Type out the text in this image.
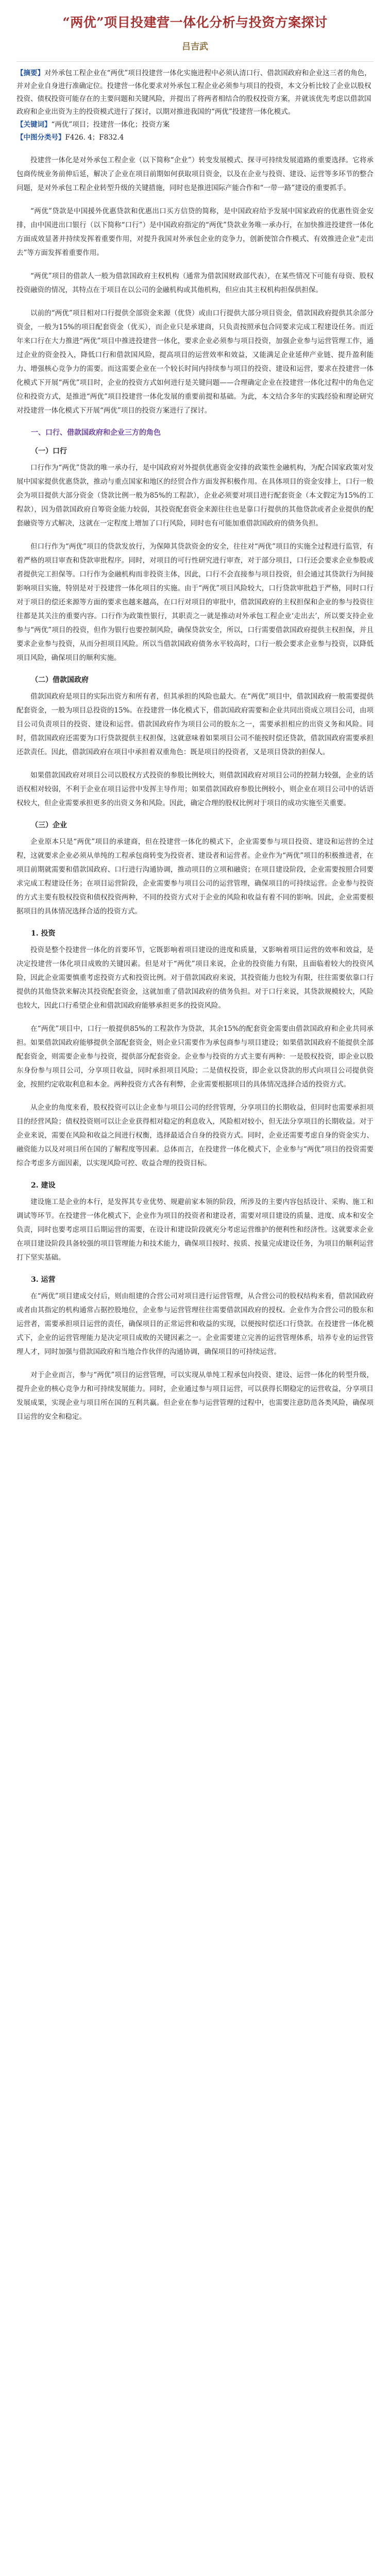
“两优”项目投建营一体化分析与投资方案探讨
吕吉武

【摘要】对外承包工程企业在“两优”项目投建营一体化实施进程中必须认清口行、借款国政府和企业这三者的角色，并对企业自身进行准确定位。投建营一体化要求对外承包工程企业必须参与项目的投资，本文分析比较了企业以股权投资、债权投资可能存在的主要问题和关键风险，并提出了将两者相结合的股权投资方案，并就该优先考虑以借款国政府和企业出资为主的投资模式进行了探讨，以期对推进我国的“两优”投建营一体化模式。

【关键词】“两优”项目；投建营一体化；投资方案

【中图分类号】F426. 4；F832.4

投建营一体化是对外承包工程企业（以下简称“企业”）转变发展模式、探寻可持续发展道路的重要选择。它将承包商传统业务前伸后延，解决了企业在项目前期如何获取项目资金，以及在企业与投资、建设、运营等多环节的整合问题，是对外承包工程企业转型升级的关键措施，同时也是推进国际产能合作和“一带一路”建设的重要抓手。

“两优”贷款是中国援外优惠贷款和优惠出口买方信贷的简称，是中国政府给予发展中国家政府的优惠性资金安排，由中国进出口银行（以下简称“口行”）是中国政府指定的“两优”贷款业务唯一承办行，在加快推进投建营一体化方面成效显著并持续发挥着重要作用，对提升我国对外承包企业的竞争力，创新使馆合作模式、有效推进企业“走出去”等方面发挥着重要作用。

“两优”项目的借款人一般为借款国政府主权机构（通常为借款国财政部代表），在某些情况下可能有母资、股权投资融资的情况，其特点在于项目在以公司的金融机构或其他机构，但应由其主权机构担保供担保。

以前的“两优”项目相对口行提供全部资金来源（优贷）或由口行提供大部分项目资金，借款国政府提供其余部分资金，一般为15%的项目配套资金（优买），而企业只是承建商，只负责按照承包合同要求完成工程建设任务。而近年来口行在大力推进“两优”项目中推进投建营一体化，要求企业必须参与项目投资，加强企业参与运营管理工作，通过企业的资金投入，降低口行和借款国风险，提高项目的运营效率和效益，又能满足企业延伸产业链、提升盈利能力、增强核心竞争力的需要。而这需要企业在一个较长时间内持续参与项目的投资、建设和运营，要求在投建营一体化模式下开展“两优”项目时，企业的投资方式如何进行是关键问题——合理确定企业在投建营一体化过程中的角色定位和投资方式，是推进“两优”项目投建营一体化发展的重要前提和基础。为此，本文结合多年的实践经验和理论研究对投建营一体化模式下开展“两优”项目的投资方案进行了探讨。

一、口行、借款国政府和企业三方的角色
（一）口行

口行作为“两优”贷款的唯一承办行，是中国政府对外提供优惠资金安排的政策性金融机构，为配合国家政策对发展中国家提供优惠贷款，推动与重点国家和地区的经贸合作方面发挥积极作用。在具体项目的资金安排上，口行一般会为项目提供大部分资金（贷款比例一般为85%的工程款），企业必须要对项目进行配套资金（本文假定为15%的工程款），因为借款国政府自筹资金能力较弱，其投资配套资金来源往往也是靠口行提供的其他贷款或者企业提供的配套融资等方式解决，这就在一定程度上增加了口行风险，同时也有可能加重借款国政府的债务负担。

但口行作为“两优”项目的贷款发放行，为保障其贷款资金的安全，往往对“两优”项目的实施全过程进行监管，有着严格的项目审查和贷款审批程序。同时，对项目的可行性研究进行审查，对于部分项目，口行还会要求企业参股或者提供完工担保等。口行作为金融机构而非投资主体，因此，口行不会直接参与项目投资，但会通过其贷款行为间接影响项目实施，特别是对于投建营一体化项目的实施。由于“两优”项目风险较大，口行贷款审批趋于严格，同时口行对于项目的偿还来源等方面的要求也越来越高，在口行对项目的审批中，借款国政府的主权担保和企业的参与投资往往都是其关注的重要内容。口行作为政策性银行，其职责之一就是推动对外承包工程企业‘走出去’，所以要支持企业参与“两优”项目的投资，但作为银行也要控制风险，确保贷款安全，所以，口行需要借款国政府提供主权担保，并且要求企业参与投资，从而分担项目风险。所以当借款国政府债务水平较高时，口行一般会要求企业参与投资，以降低项目风险，确保项目的顺利实施。

（二）借款国政府

借款国政府是项目的实际出资方和所有者，但其承担的风险也最大。在“两优”项目中，借款国政府一般需要提供配套资金，一般为项目总投资的15%。在投建营一体化模式下，借款国政府需要和企业共同出资成立项目公司，由项目公司负责项目的投资、建设和运营。借款国政府作为项目公司的股东之一，需要承担相应的出资义务和风险。同时，借款国政府还需要为口行贷款提供主权担保，这就意味着如果项目公司不能按时偿还贷款，借款国政府需要承担还款责任。因此，借款国政府在项目中承担着双重角色：既是项目的投资者，又是项目贷款的担保人。

如果借款国政府对项目公司以股权方式投资的参股比例较大，则借款国政府对项目公司的控制力较强，企业的话语权相对较弱，不利于企业在项目运营中发挥主导作用；如果借款国政府参股比例较小，则企业在项目公司中的话语权较大，但企业需要承担更多的出资义务和风险。因此，确定合理的股权比例对于项目的成功实施至关重要。

（三）企业

企业原本只是“两优”项目的承建商，但在投建营一体化的模式下，企业需要参与项目投资、建设和运营的全过程，这就要求企业必须从单纯的工程承包商转变为投资者、建设者和运营者。企业作为“两优”项目的积极推进者，在项目前期就需要和借款国政府、口行进行沟通协调，推动项目的立项和融资；在项目建设阶段，企业需要按照合同要求完成工程建设任务；在项目运营阶段，企业需要参与项目公司的运营管理，确保项目的可持续运营。企业参与投资的方式主要有股权投资和债权投资两种，不同的投资方式对于企业的风险和收益有着不同的影响。因此，企业需要根据项目的具体情况选择合适的投资方式。

1. 投资

投资是整个投建营一体化的首要环节，它既影响着项目建设的进度和质量，又影响着项目运营的效率和效益，是决定投建营一体化项目成败的关键因素。但是对于“两优”项目来说，企业的投资能力有限，且面临着较大的投资风险，因此企业需要慎重考虑投资方式和投资比例。对于借款国政府来说，其投资能力也较为有限，往往需要依靠口行提供的其他贷款来解决其投资配套资金，这就加重了借款国政府的债务负担。对于口行来说，其贷款规模较大，风险也较大，因此口行希望企业和借款国政府能够承担更多的投资风险。

在“两优”项目中，口行一般提供85%的工程款作为贷款，其余15%的配套资金需要由借款国政府和企业共同承担。如果借款国政府能够提供全部配套资金，则企业只需要作为承包商参与项目建设；如果借款国政府不能提供全部配套资金，则需要企业参与投资，提供部分配套资金。企业参与投资的方式主要有两种：一是股权投资，即企业以股东身份参与项目公司，分享项目收益，同时承担项目风险；二是债权投资，即企业以贷款的形式向项目公司提供资金，按照约定收取利息和本金。两种投资方式各有利弊，企业需要根据项目的具体情况选择合适的投资方式。

从企业的角度来看，股权投资可以让企业参与项目公司的经营管理，分享项目的长期收益，但同时也需要承担项目的经营风险；债权投资则可以让企业获得相对稳定的利息收入，风险相对较小，但无法分享项目的长期收益。对于企业来说，需要在风险和收益之间进行权衡，选择最适合自身的投资方式。同时，企业还需要考虑自身的资金实力、融资能力以及对项目所在国的了解程度等因素。总体而言，在投建营一体化模式下，企业参与“两优”项目的投资需要综合考虑多方面因素，以实现风险可控、收益合理的投资目标。

2. 建设

建设施工是企业的本行，是发挥其专业优势、规避前家本领的阶段，所涉及的主要内容包括设计、采购、施工和调试等环节。在投建营一体化模式下，企业作为项目的投资者和建设者，需要对项目建设的质量、进度、成本和安全负责，同时也要考虑项目后期运营的需要，在设计和建设阶段就充分考虑运营维护的便利性和经济性。这就要求企业在项目建设阶段具备较强的项目管理能力和技术能力，确保项目按时、按质、按量完成建设任务，为项目的顺利运营打下坚实基础。

3. 运营

在“两优”项目建成交付后，则由组建的合营公司对项目进行运营管理，从合营公司的股权结构来看，借款国政府或者由其指定的机构通常占据控股地位，企业参与运营管理往往需要借款国政府的授权。企业作为合营公司的股东和运营者，需要承担项目运营的责任，确保项目的正常运营和收益的实现，以便按时偿还口行贷款。在投建营一体化模式下，企业的运营管理能力是决定项目成败的关键因素之一。企业需要建立完善的运营管理体系，培养专业的运营管理人才，同时加强与借款国政府和当地合作伙伴的沟通协调，确保项目的可持续运营。

对于企业而言，参与“两优”项目的运营管理，可以实现从单纯工程承包向投资、建设、运营一体化的转型升级，提升企业的核心竞争力和可持续发展能力。同时，企业通过参与项目运营，可以获得长期稳定的运营收益，分享项目发展成果，实现企业与项目所在国的互利共赢。但企业在参与运营管理的过程中，也需要注意防范各类风险，确保项目运营的安全和稳定。
